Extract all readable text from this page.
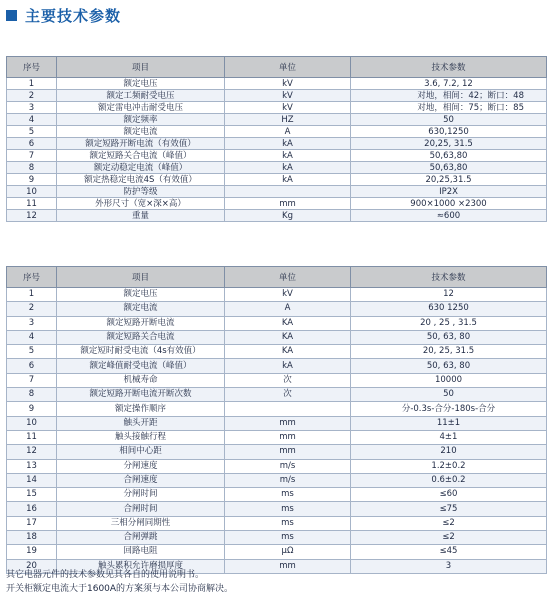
主要技术参数
序号	项目	单位	技术参数
1	额定电压	kV	3.6, 7.2, 12
2	额定工频耐受电压	kV	对地，相间：42；断口：48
3	额定雷电冲击耐受电压	kV	对地，相间：75；断口：85
4	额定频率	HZ	50
5	额定电流	A	630,1250
6	额定短路开断电流（有效值）	kA	20,25, 31.5
7	额定短路关合电流（峰值）	kA	50,63,80
8	额定动稳定电流（峰值）	kA	50,63,80
9	额定热稳定电流4S（有效值）	kA	20,25,31.5
10	防护等级		IP2X
11	外形尺寸（宽×深×高）	mm	900×1000 ×2300
12	重量	Kg	≈600
序号	项目	单位	技术参数
1	额定电压	kV	12
2	额定电流	A	630 1250
3	额定短路开断电流	KA	20 , 25 , 31.5
4	额定短路关合电流	KA	50, 63, 80
5	额定短时耐受电流（4s有效值）	KA	20, 25, 31.5
6	额定峰值耐受电流（峰值）	kA	50, 63, 80
7	机械寿命	次	10000
8	额定短路开断电流开断次数	次	50
9	额定操作顺序		分-0.3s-合分-180s-合分
10	触头开距	mm	11±1
11	触头接触行程	mm	4±1
12	相间中心距	mm	210
13	分闸速度	m/s	1.2±0.2
14	合闸速度	m/s	0.6±0.2
15	分闸时间	ms	≤60
16	合闸时间	ms	≤75
17	三相分闸同期性	ms	≤2
18	合闸弹跳	ms	≤2
19	回路电阻	μΩ	≤45
20	触头累积允许磨损厚度	mm	3
其它电器元件的技术参数见其各自的使用说明书。
开关柜额定电流大于1600A的方案须与本公司协商解决。
